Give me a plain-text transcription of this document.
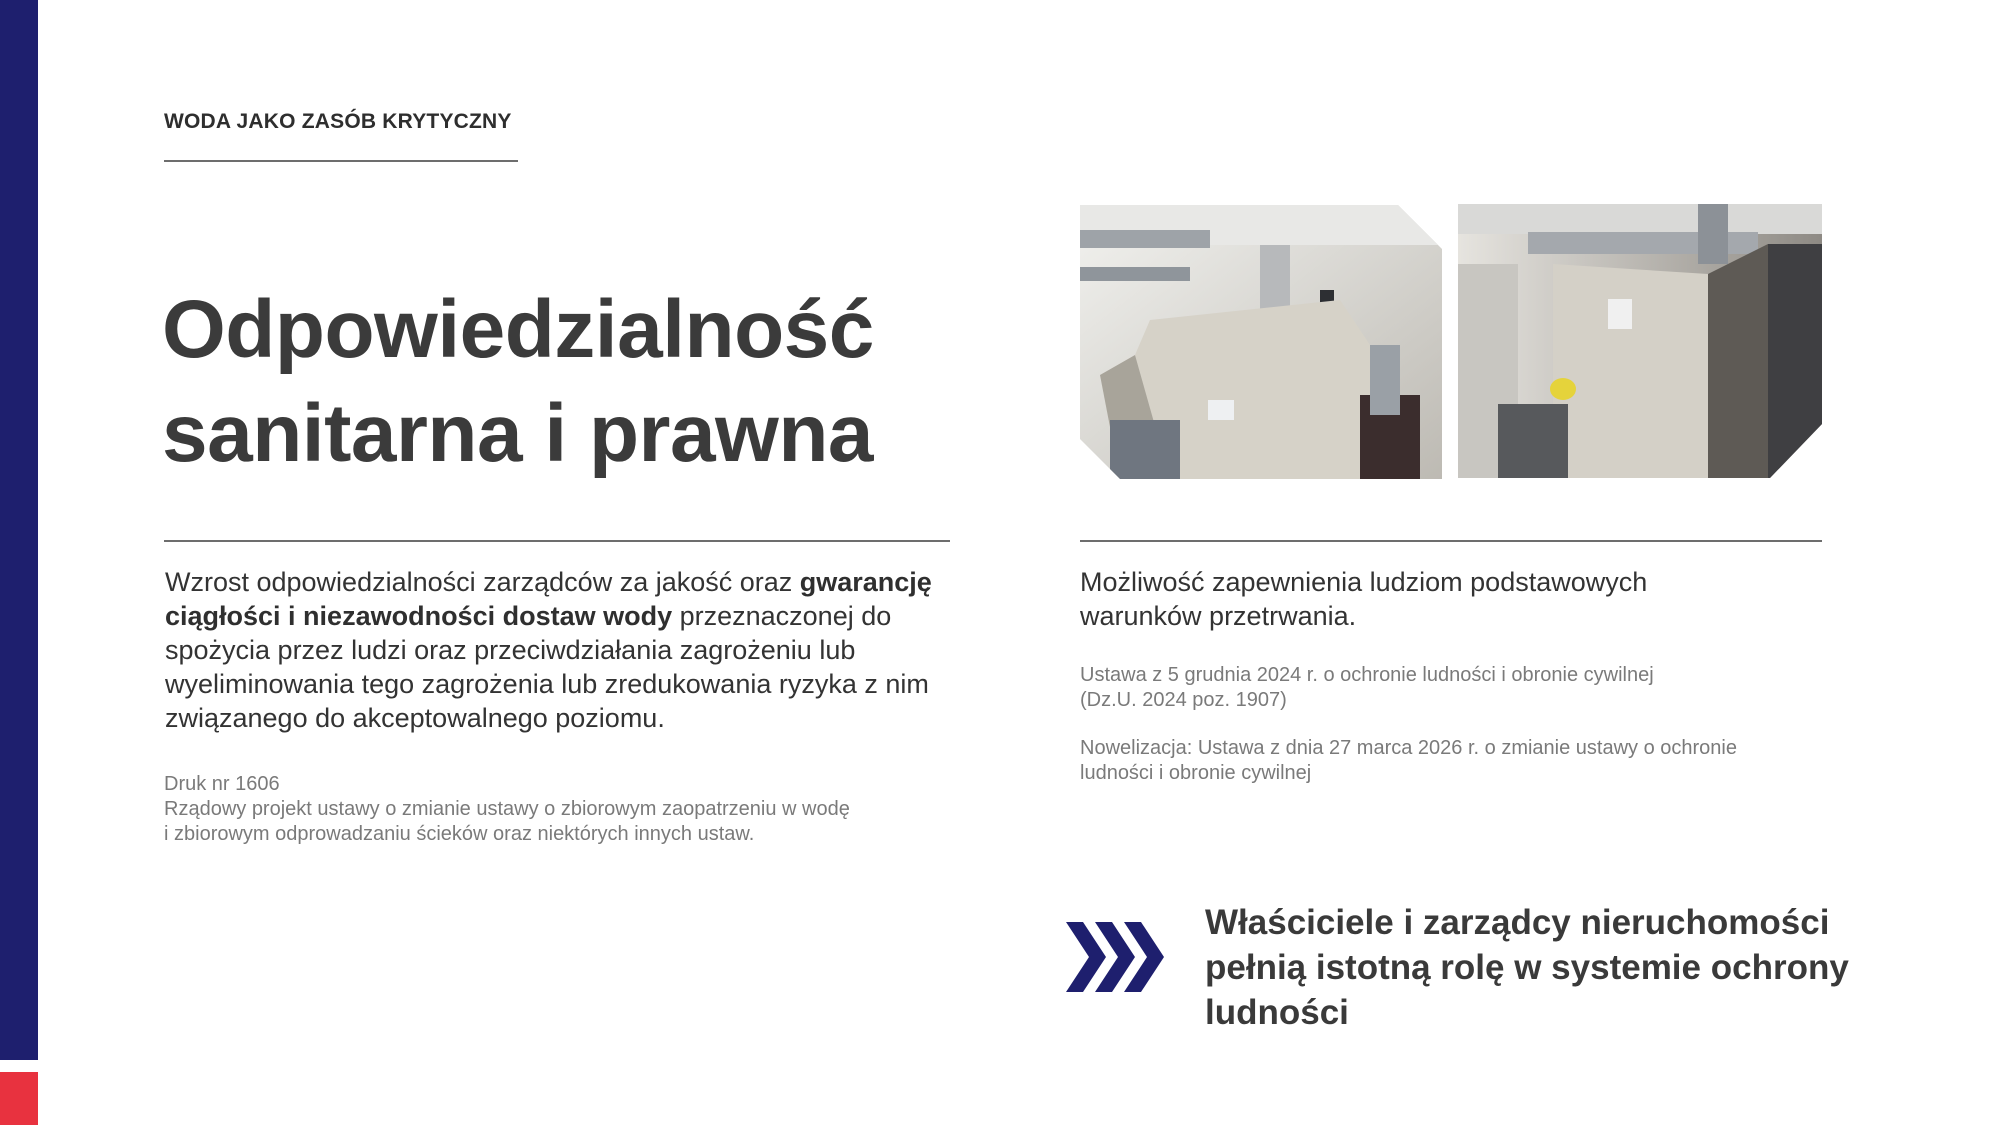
WODA JAKO ZASÓB KRYTYCZNY
Odpowiedzialność
sanitarna i prawna
Wzrost odpowiedzialności zarządców za jakość oraz gwarancję ciągłości i niezawodności dostaw wody przeznaczonej do spożycia przez ludzi oraz przeciwdziałania zagrożeniu lub wyeliminowania tego zagrożenia lub zredukowania ryzyka z nim związanego do akceptowalnego poziomu.
Druk nr 1606
Rządowy projekt ustawy o zmianie ustawy o zbiorowym zaopatrzeniu w wodę
i zbiorowym odprowadzaniu ścieków oraz niektórych innych ustaw.
Możliwość zapewnienia ludziom podstawowych warunków przetrwania.
Ustawa z 5 grudnia 2024 r. o ochronie ludności i obronie cywilnej
(Dz.U. 2024 poz. 1907)
Nowelizacja: Ustawa z dnia 27 marca 2026 r. o zmianie ustawy o ochronie
ludności i obronie cywilnej
Właściciele i zarządcy nieruchomości
pełnią istotną rolę w systemie ochrony
ludności
